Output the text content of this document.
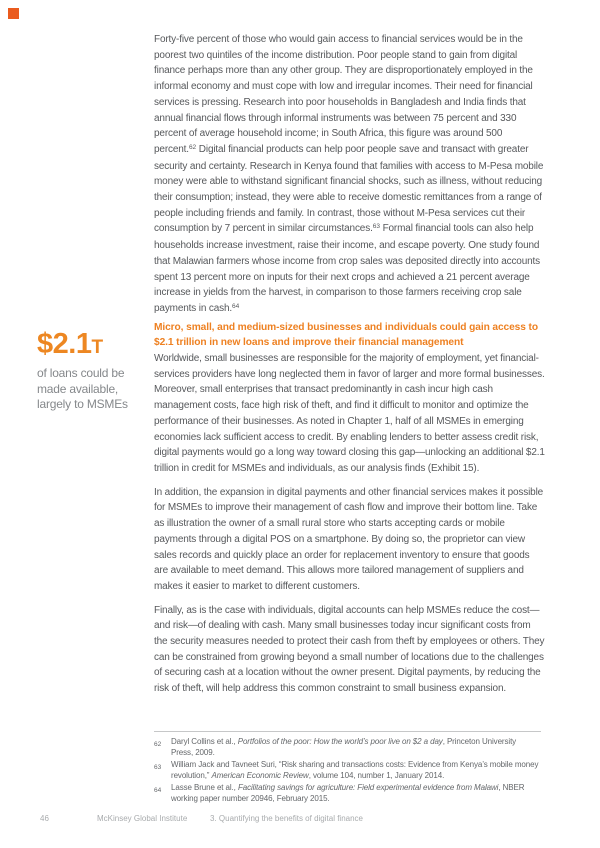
$2.1T
of loans could be
made available,
largely to MSMEs

Forty-five percent of those who would gain access to financial services would be in the poorest two quintiles of the income distribution. Poor people stand to gain from digital finance perhaps more than any other group. They are disproportionately employed in the informal economy and must cope with low and irregular incomes. Their need for financial services is pressing. Research into poor households in Bangladesh and India finds that annual financial flows through informal instruments was between 75 percent and 330 percent of average household income; in South Africa, this figure was around 500 percent.$^{62}$ Digital financial products can help poor people save and transact with greater security and certainty. Research in Kenya found that families with access to M-Pesa mobile money were able to withstand significant financial shocks, such as illness, without reducing their consumption; instead, they were able to receive domestic remittances from a range of people including friends and family. In contrast, those without M-Pesa services cut their consumption by 7 percent in similar circumstances.$^{63}$ Formal financial tools can also help households increase investment, raise their income, and escape poverty. One study found that Malawian farmers whose income from crop sales was deposited directly into accounts spent 13 percent more on inputs for their next crops and achieved a 21 percent average increase in yields from the harvest, in comparison to those farmers receiving crop sale payments in cash.$^{64}$

Micro, small, and medium-sized businesses and individuals could gain access to $2.1 trillion in new loans and improve their financial management

Worldwide, small businesses are responsible for the majority of employment, yet financial-services providers have long neglected them in favor of larger and more formal businesses. Moreover, small enterprises that transact predominantly in cash incur high cash management costs, face high risk of theft, and find it difficult to monitor and optimize the performance of their businesses. As noted in Chapter 1, half of all MSMEs in emerging economies lack sufficient access to credit. By enabling lenders to better assess credit risk, digital payments would go a long way toward closing this gap—unlocking an additional $2.1 trillion in credit for MSMEs and individuals, as our analysis finds (Exhibit 15).

In addition, the expansion in digital payments and other financial services makes it possible for MSMEs to improve their management of cash flow and improve their bottom line. Take as illustration the owner of a small rural store who starts accepting cards or mobile payments through a digital POS on a smartphone. By doing so, the proprietor can view sales records and quickly place an order for replacement inventory to ensure that goods are available to meet demand. This allows more tailored management of suppliers and makes it easier to market to different customers.

Finally, as is the case with individuals, digital accounts can help MSMEs reduce the cost—and risk—of dealing with cash. Many small businesses today incur significant costs from the security measures needed to protect their cash from theft by employees or others. They can be constrained from growing beyond a small number of locations due to the challenges of securing cash at a location without the owner present. Digital payments, by reducing the risk of theft, will help address this common constraint to small business expansion.

62 Daryl Collins et al., Portfolios of the poor: How the world’s poor live on $2 a day, Princeton University Press, 2009.
63 William Jack and Tavneet Suri, “Risk sharing and transactions costs: Evidence from Kenya’s mobile money revolution,” American Economic Review, volume 104, number 1, January 2014.
64 Lasse Brune et al., Facilitating savings for agriculture: Field experimental evidence from Malawi, NBER working paper number 20946, February 2015.
46	McKinsey Global Institute	3. Quantifying the benefits of digital finance
